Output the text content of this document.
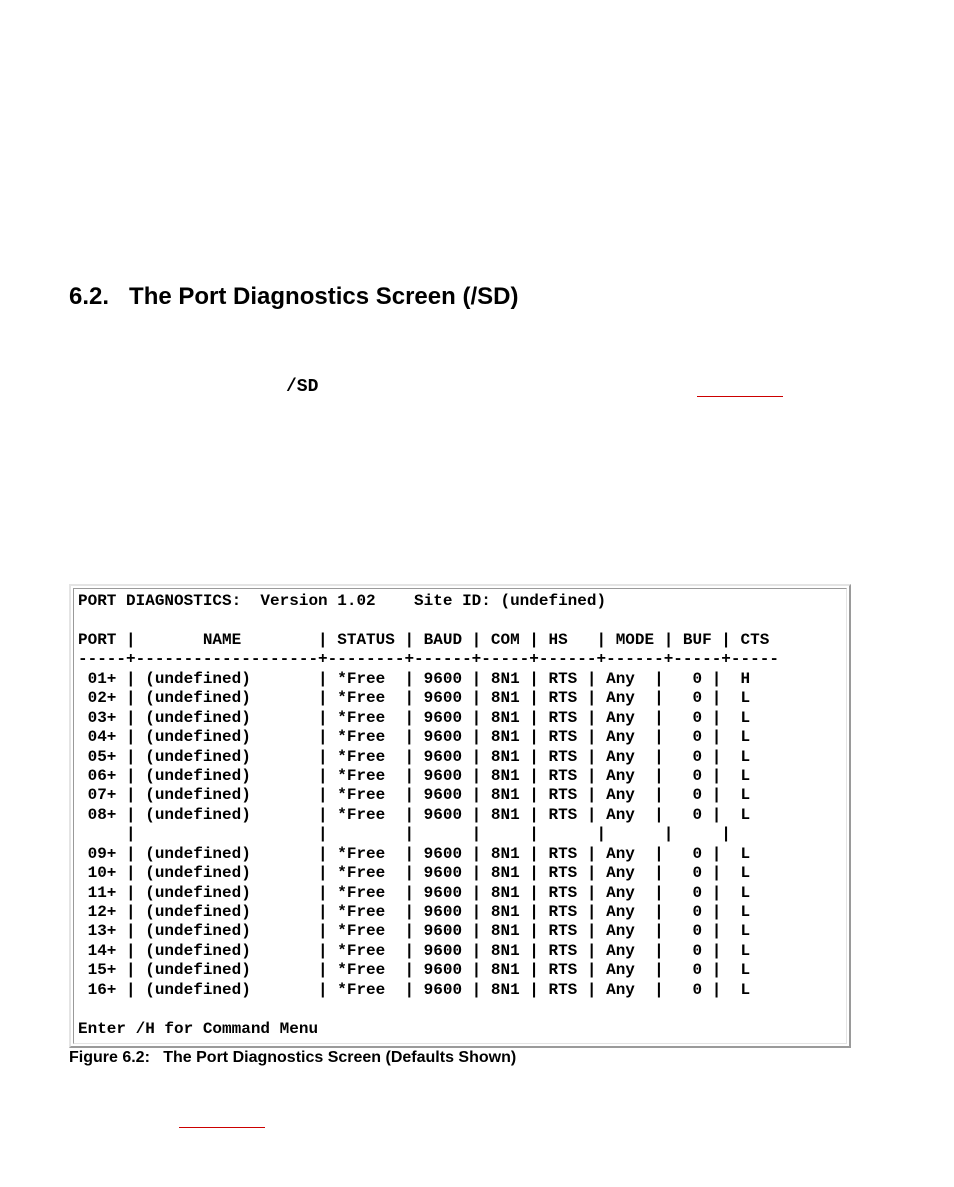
6.2.   The Port Diagnostics Screen (/SD)
/SD
PORT DIAGNOSTICS:  Version 1.02    Site ID: (undefined)
PORT |       NAME        | STATUS | BAUD | COM | HS   | MODE | BUF | CTS
-----+-------------------+--------+------+-----+------+------+-----+-----
01+ | (undefined)       | *Free  | 9600 | 8N1 | RTS | Any  |   0 |  H
02+ | (undefined)       | *Free  | 9600 | 8N1 | RTS | Any  |   0 |  L
03+ | (undefined)       | *Free  | 9600 | 8N1 | RTS | Any  |   0 |  L
04+ | (undefined)       | *Free  | 9600 | 8N1 | RTS | Any  |   0 |  L
05+ | (undefined)       | *Free  | 9600 | 8N1 | RTS | Any  |   0 |  L
06+ | (undefined)       | *Free  | 9600 | 8N1 | RTS | Any  |   0 |  L
07+ | (undefined)       | *Free  | 9600 | 8N1 | RTS | Any  |   0 |  L
08+ | (undefined)       | *Free  | 9600 | 8N1 | RTS | Any  |   0 |  L
|                   |        |      |     |      |      |     |
09+ | (undefined)       | *Free  | 9600 | 8N1 | RTS | Any  |   0 |  L
10+ | (undefined)       | *Free  | 9600 | 8N1 | RTS | Any  |   0 |  L
11+ | (undefined)       | *Free  | 9600 | 8N1 | RTS | Any  |   0 |  L
12+ | (undefined)       | *Free  | 9600 | 8N1 | RTS | Any  |   0 |  L
13+ | (undefined)       | *Free  | 9600 | 8N1 | RTS | Any  |   0 |  L
14+ | (undefined)       | *Free  | 9600 | 8N1 | RTS | Any  |   0 |  L
15+ | (undefined)       | *Free  | 9600 | 8N1 | RTS | Any  |   0 |  L
16+ | (undefined)       | *Free  | 9600 | 8N1 | RTS | Any  |   0 |  L
Enter /H for Command Menu
Figure 6.2:   The Port Diagnostics Screen (Defaults Shown)
